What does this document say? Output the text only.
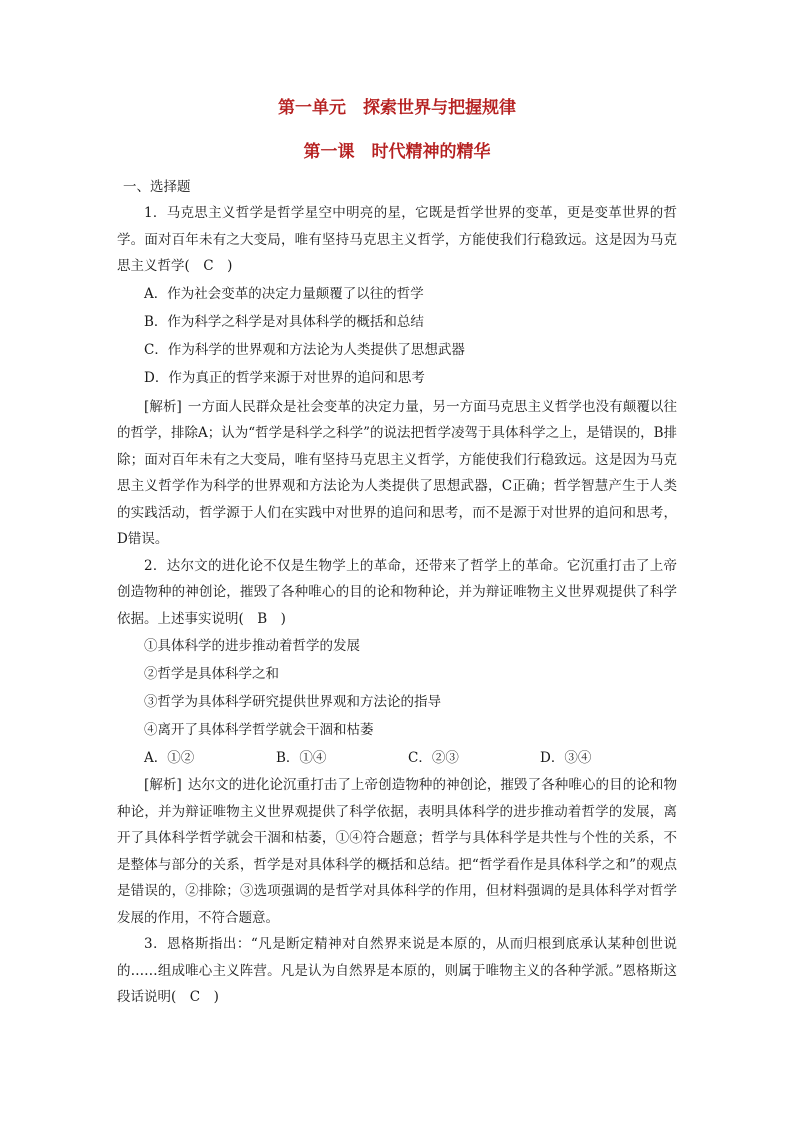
第一单元　探索世界与把握规律
第一课　时代精神的精华
一、选择题

1．马克思主义哲学是哲学星空中明亮的星，它既是哲学世界的变革，更是变革世界的哲学。面对百年未有之大变局，唯有坚持马克思主义哲学，方能使我们行稳致远。这是因为马克思主义哲学(　C　)

A．作为社会变革的决定力量颠覆了以往的哲学
B．作为科学之科学是对具体科学的概括和总结
C．作为科学的世界观和方法论为人类提供了思想武器
D．作为真正的哲学来源于对世界的追问和思考

[解析] 一方面人民群众是社会变革的决定力量，另一方面马克思主义哲学也没有颠覆以往的哲学，排除A；认为“哲学是科学之科学”的说法把哲学凌驾于具体科学之上，是错误的，B排除；面对百年未有之大变局，唯有坚持马克思主义哲学，方能使我们行稳致远。这是因为马克思主义哲学作为科学的世界观和方法论为人类提供了思想武器，C正确；哲学智慧产生于人类的实践活动，哲学源于人们在实践中对世界的追问和思考，而不是源于对世界的追问和思考，D错误。

2．达尔文的进化论不仅是生物学上的革命，还带来了哲学上的革命。它沉重打击了上帝创造物种的神创论，摧毁了各种唯心的目的论和物种论，并为辩证唯物主义世界观提供了科学依据。上述事实说明(　B　)

①具体科学的进步推动着哲学的发展
②哲学是具体科学之和
③哲学为具体科学研究提供世界观和方法论的指导
④离开了具体科学哲学就会干涸和枯萎
A．①②	B．①④	C．②③	D．③④

[解析] 达尔文的进化论沉重打击了上帝创造物种的神创论，摧毁了各种唯心的目的论和物种论，并为辩证唯物主义世界观提供了科学依据，表明具体科学的进步推动着哲学的发展，离开了具体科学哲学就会干涸和枯萎，①④符合题意；哲学与具体科学是共性与个性的关系，不是整体与部分的关系，哲学是对具体科学的概括和总结。把“哲学看作是具体科学之和”的观点是错误的，②排除；③选项强调的是哲学对具体科学的作用，但材料强调的是具体科学对哲学发展的作用，不符合题意。

3．恩格斯指出：“凡是断定精神对自然界来说是本原的，从而归根到底承认某种创世说的……组成唯心主义阵营。凡是认为自然界是本原的，则属于唯物主义的各种学派。”恩格斯这段话说明(　C　)
